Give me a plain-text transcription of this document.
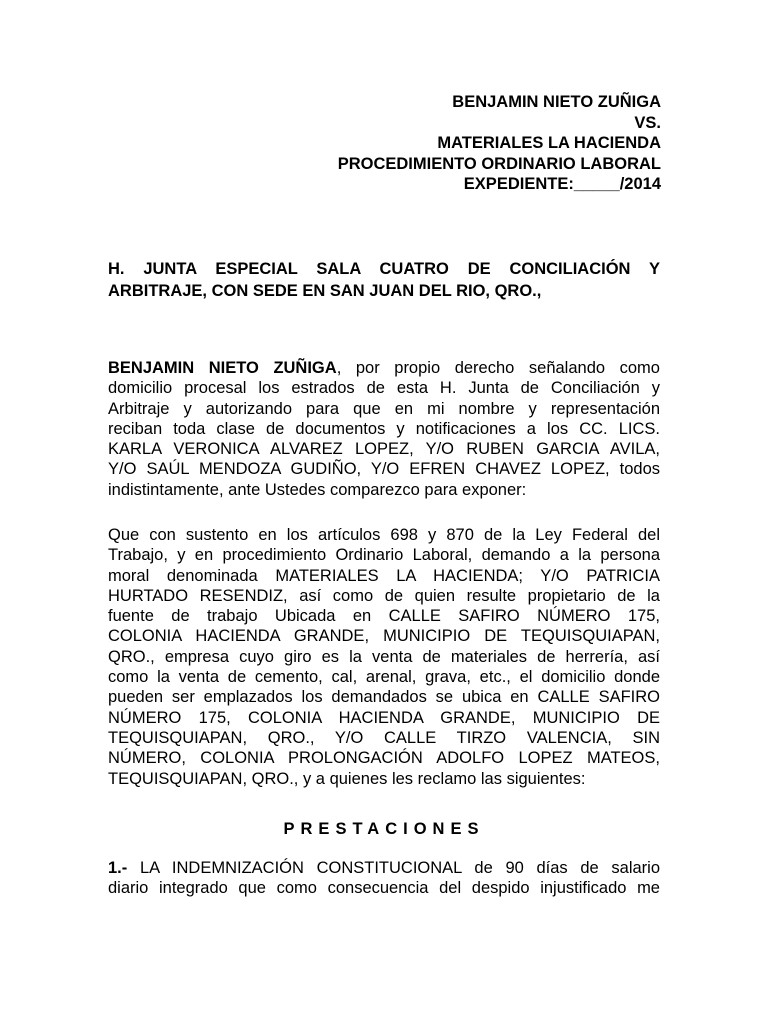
BENJAMIN NIETO ZUÑIGA
VS.
MATERIALES LA HACIENDA
PROCEDIMIENTO ORDINARIO LABORAL
EXPEDIENTE:_____/2014
H. JUNTA ESPECIAL SALA CUATRO DE CONCILIACIÓN Y
ARBITRAJE, CON SEDE EN SAN JUAN DEL RIO, QRO.,
BENJAMIN NIETO ZUÑIGA, por propio derecho señalando como
domicilio procesal los estrados de esta H. Junta de Conciliación y
Arbitraje y autorizando para que en mi nombre y representación
reciban toda clase de documentos y notificaciones a los CC. LICS.
KARLA VERONICA ALVAREZ LOPEZ, Y/O RUBEN GARCIA AVILA,
Y/O SAÚL MENDOZA GUDIÑO, Y/O EFREN CHAVEZ LOPEZ, todos
indistintamente, ante Ustedes comparezco para exponer:
Que con sustento en los artículos 698 y 870 de la Ley Federal del
Trabajo, y en procedimiento Ordinario Laboral, demando a la persona
moral denominada MATERIALES LA HACIENDA; Y/O PATRICIA
HURTADO RESENDIZ, así como de quien resulte propietario de la
fuente de trabajo Ubicada en CALLE SAFIRO NÚMERO 175,
COLONIA HACIENDA GRANDE, MUNICIPIO DE TEQUISQUIAPAN,
QRO., empresa cuyo giro es la venta de materiales de herrería, así
como la venta de cemento, cal, arenal, grava, etc., el domicilio donde
pueden ser emplazados los demandados se ubica en CALLE SAFIRO
NÚMERO 175, COLONIA HACIENDA GRANDE, MUNICIPIO DE
TEQUISQUIAPAN, QRO., Y/O CALLE TIRZO VALENCIA, SIN
NÚMERO, COLONIA PROLONGACIÓN ADOLFO LOPEZ MATEOS,
TEQUISQUIAPAN, QRO., y a quienes les reclamo las siguientes:
PRESTACIONES
1.- LA INDEMNIZACIÓN CONSTITUCIONAL de 90 días de salario
diario integrado que como consecuencia del despido injustificado me
